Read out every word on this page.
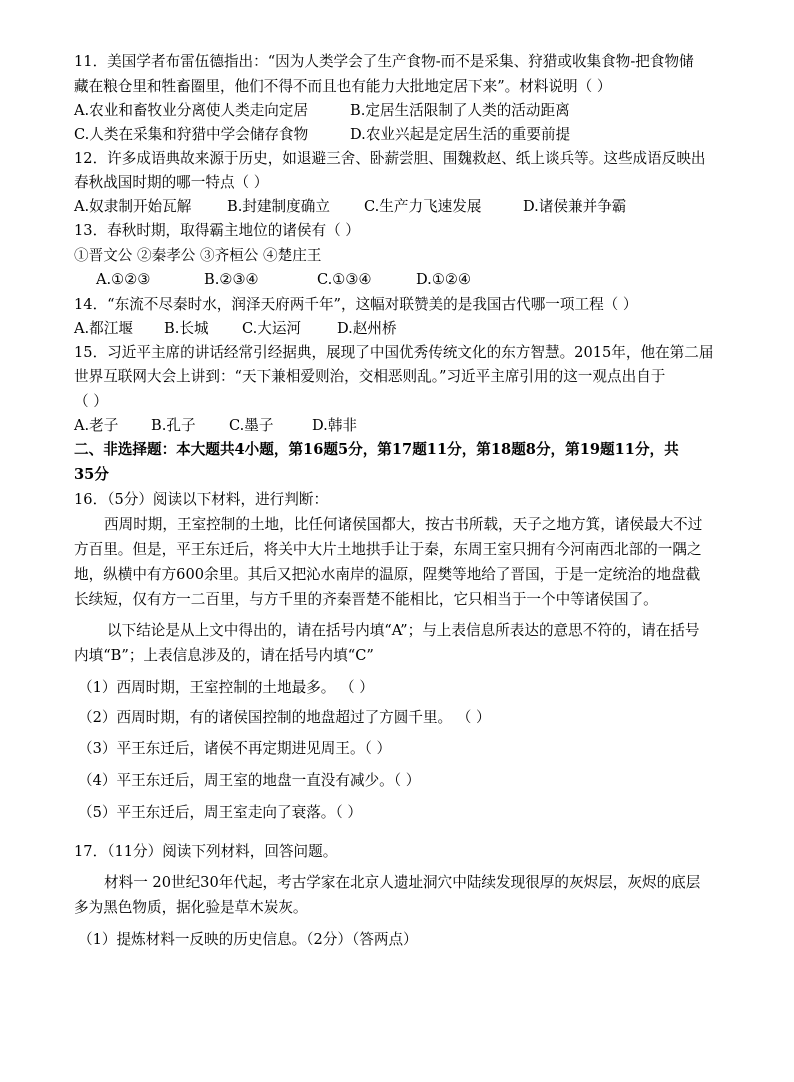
11．美国学者布雷伍德指出：“因为人类学会了生产食物-而不是采集、狩猎或收集食物-把食物储
藏在粮仓里和牲畜圈里，他们不得不而且也有能力大批地定居下来”。材料说明（ ）
A.农业和畜牧业分离使人类走向定居	B.定居生活限制了人类的活动距离
C.人类在采集和狩猎中学会储存食物	D.农业兴起是定居生活的重要前提
12．许多成语典故来源于历史，如退避三舍、卧薪尝胆、围魏救赵、纸上谈兵等。这些成语反映出
春秋战国时期的哪一特点（ ）
A.奴隶制开始瓦解 B.封建制度确立 C.生产力飞速发展	D.诸侯兼并争霸
13．春秋时期，取得霸主地位的诸侯有（ ）
①晋文公 ②秦孝公 ③齐桓公 ④楚庄王
A.①②③	B.②③④	C.①③④	D.①②④
14．“东流不尽秦时水，润泽天府两千年”，这幅对联赞美的是我国古代哪一项工程（ ）
A.都江堰 B.长城 C.大运河 D.赵州桥
15．习近平主席的讲话经常引经据典，展现了中国优秀传统文化的东方智慧。2015年，他在第二届
世界互联网大会上讲到：“天下兼相爱则治，交相恶则乱。”习近平主席引用的这一观点出自于
（ ）
A.老子 B.孔子 C.墨子	D.韩非
二、非选择题：本大题共4小题，第16题5分，第17题11分，第18题8分，第19题11分，共
35分
16．（5分）阅读以下材料，进行判断：
西周时期，王室控制的土地，比任何诸侯国都大，按古书所载，天子之地方箕，诸侯最大不过
方百里。但是，平王东迁后，将关中大片土地拱手让于秦，东周王室只拥有今河南西北部的一隅之
地，纵横中有方600余里。其后又把沁水南岸的温原，陧樊等地给了晋国，于是一定统治的地盘截
长续短，仅有方一二百里，与方千里的齐秦晋楚不能相比，它只相当于一个中等诸侯国了。
以下结论是从上文中得出的，请在括号内填“A”；与上表信息所表达的意思不符的，请在括号
内填“B”；上表信息涉及的，请在括号内填“C”
（1）西周时期，王室控制的土地最多。 （ ）
（2）西周时期，有的诸侯国控制的地盘超过了方圆千里。 （ ）
（3）平王东迁后，诸侯不再定期进见周王。（ ）
（4）平王东迁后，周王室的地盘一直没有减少。（ ）
（5）平王东迁后，周王室走向了衰落。（ ）
17．（11分）阅读下列材料，回答问题。
材料一 20世纪30年代起，考古学家在北京人遗址洞穴中陆续发现很厚的灰烬层，灰烬的底层
多为黑色物质，据化验是草木炭灰。
（1）提炼材料一反映的历史信息。（2分）（答两点）
